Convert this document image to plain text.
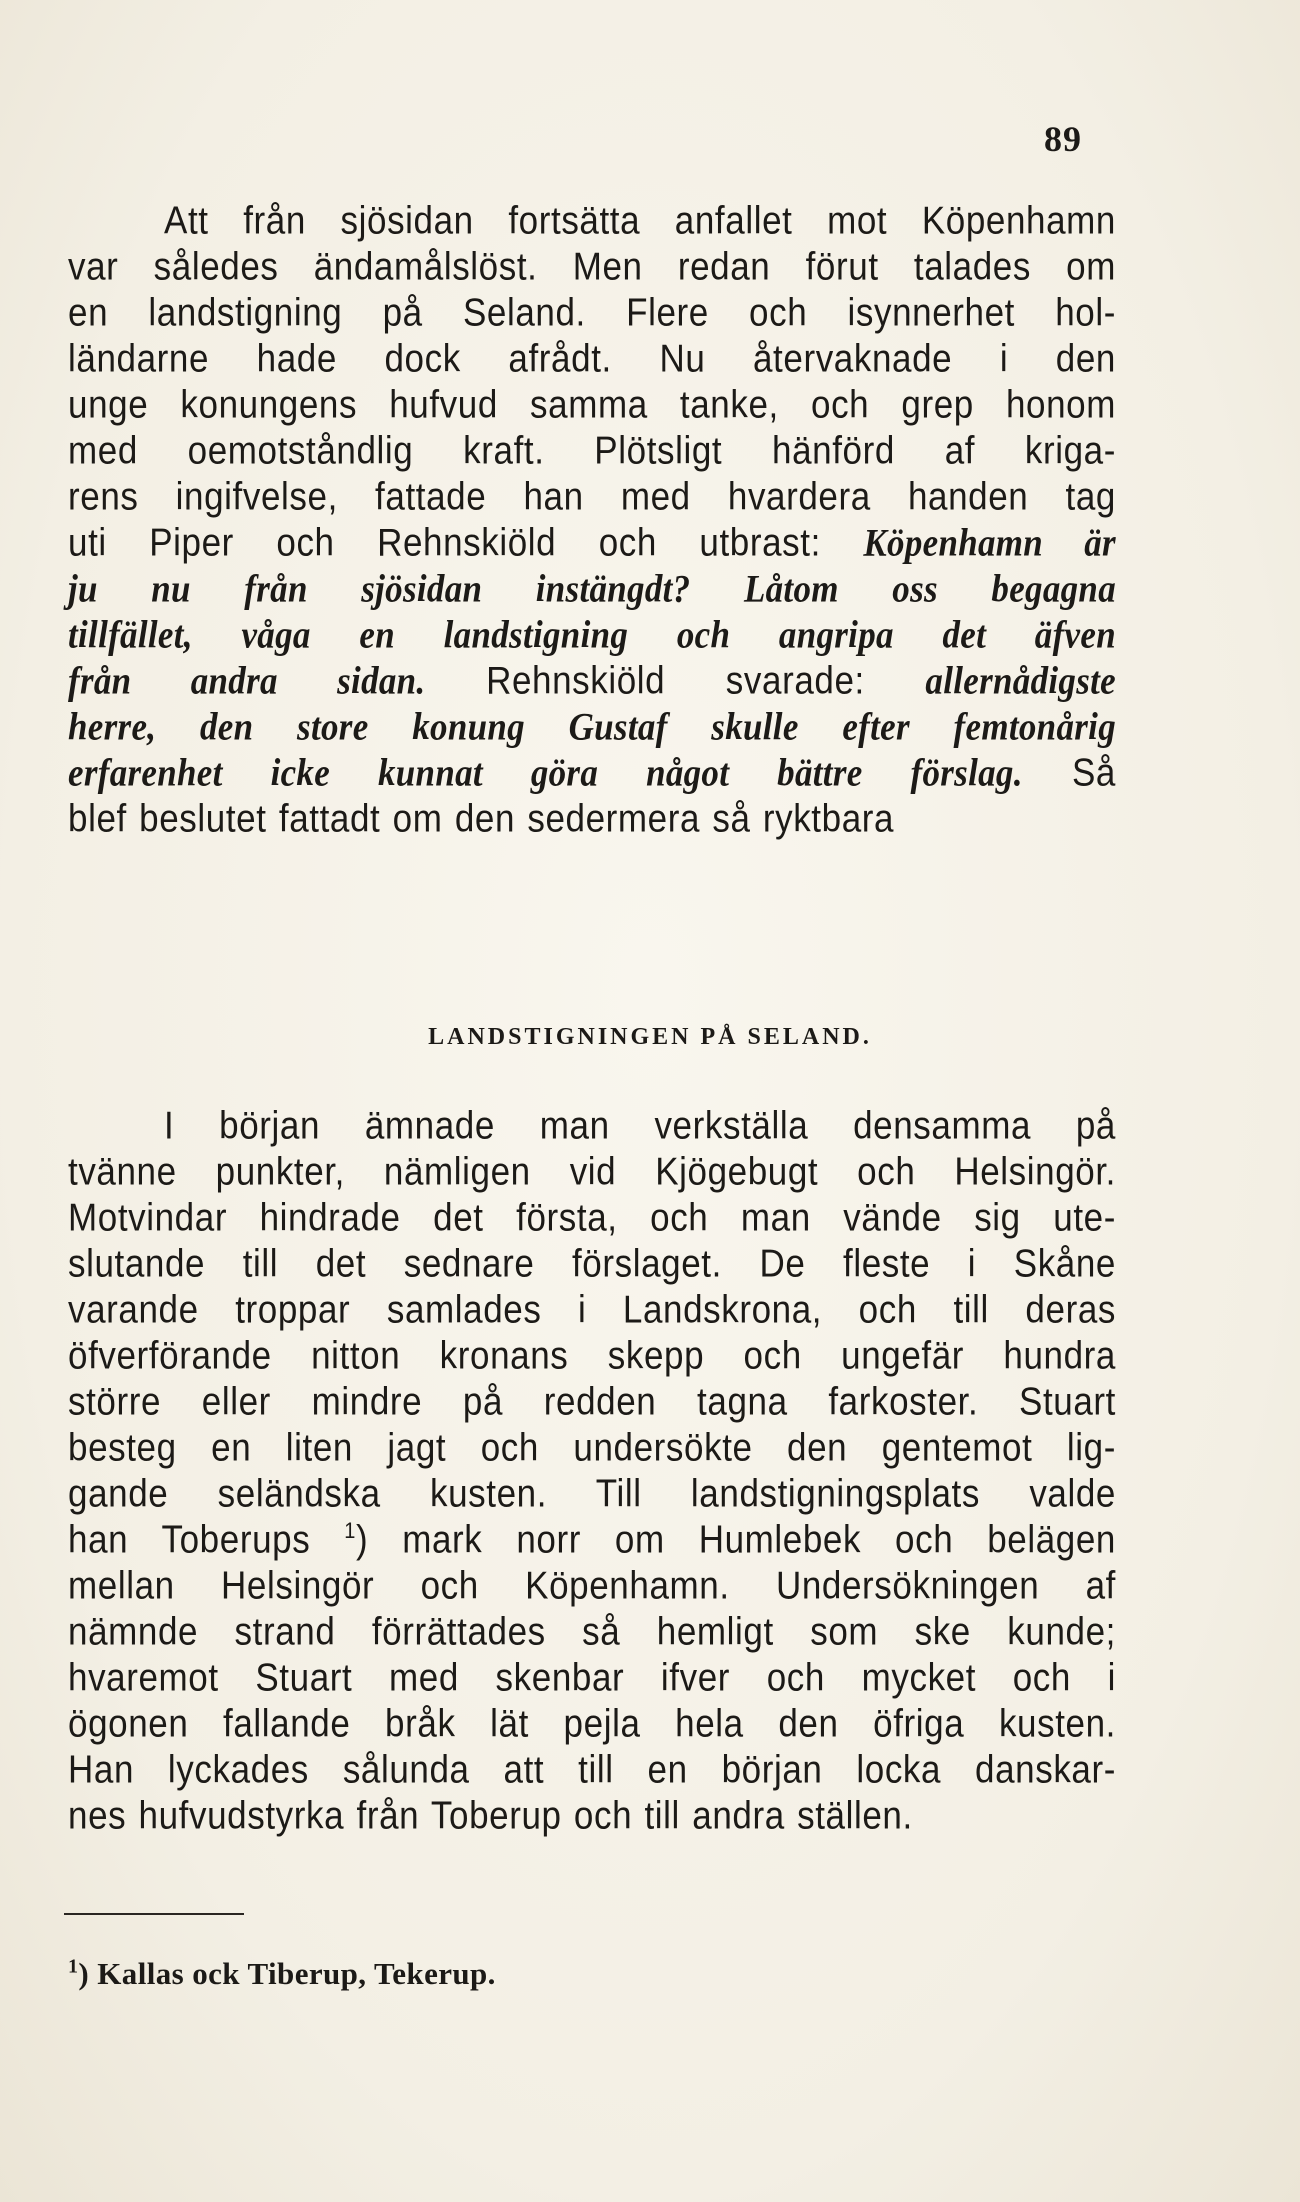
89
Att från sjösidan fortsätta anfallet mot Köpenhamn
var således ändamålslöst. Men redan förut talades om
en landstigning på Seland. Flere och isynnerhet hol-
ländarne hade dock afrådt. Nu återvaknade i den
unge konungens hufvud samma tanke, och grep honom
med oemotståndlig kraft. Plötsligt hänförd af kriga-
rens ingifvelse, fattade han med hvardera handen tag
uti Piper och Rehnskiöld och utbrast: Köpenhamn är
ju nu från sjösidan instängdt? Låtom oss begagna
tillfället, våga en landstigning och angripa det äfven
från andra sidan. Rehnskiöld svarade: allernådigste
herre, den store konung Gustaf skulle efter femtonårig
erfarenhet icke kunnat göra något bättre förslag. Så
blef beslutet fattadt om den sedermera så ryktbara
LANDSTIGNINGEN PÅ SELAND.
I början ämnade man verkställa densamma på
tvänne punkter, nämligen vid Kjögebugt och Helsingör.
Motvindar hindrade det första, och man vände sig ute-
slutande till det sednare förslaget. De fleste i Skåne
varande troppar samlades i Landskrona, och till deras
öfverförande nitton kronans skepp och ungefär hundra
större eller mindre på redden tagna farkoster. Stuart
besteg en liten jagt och undersökte den gentemot lig-
gande seländska kusten. Till landstigningsplats valde
han Toberups $^1$) mark norr om Humlebek och belägen
mellan Helsingör och Köpenhamn. Undersökningen af
nämnde strand förrättades så hemligt som ske kunde;
hvaremot Stuart med skenbar ifver och mycket och i
ögonen fallande bråk lät pejla hela den öfriga kusten.
Han lyckades sålunda att till en början locka danskar-
nes hufvudstyrka från Toberup och till andra ställen.
$^1$) Kallas ock Tiberup, Tekerup.
